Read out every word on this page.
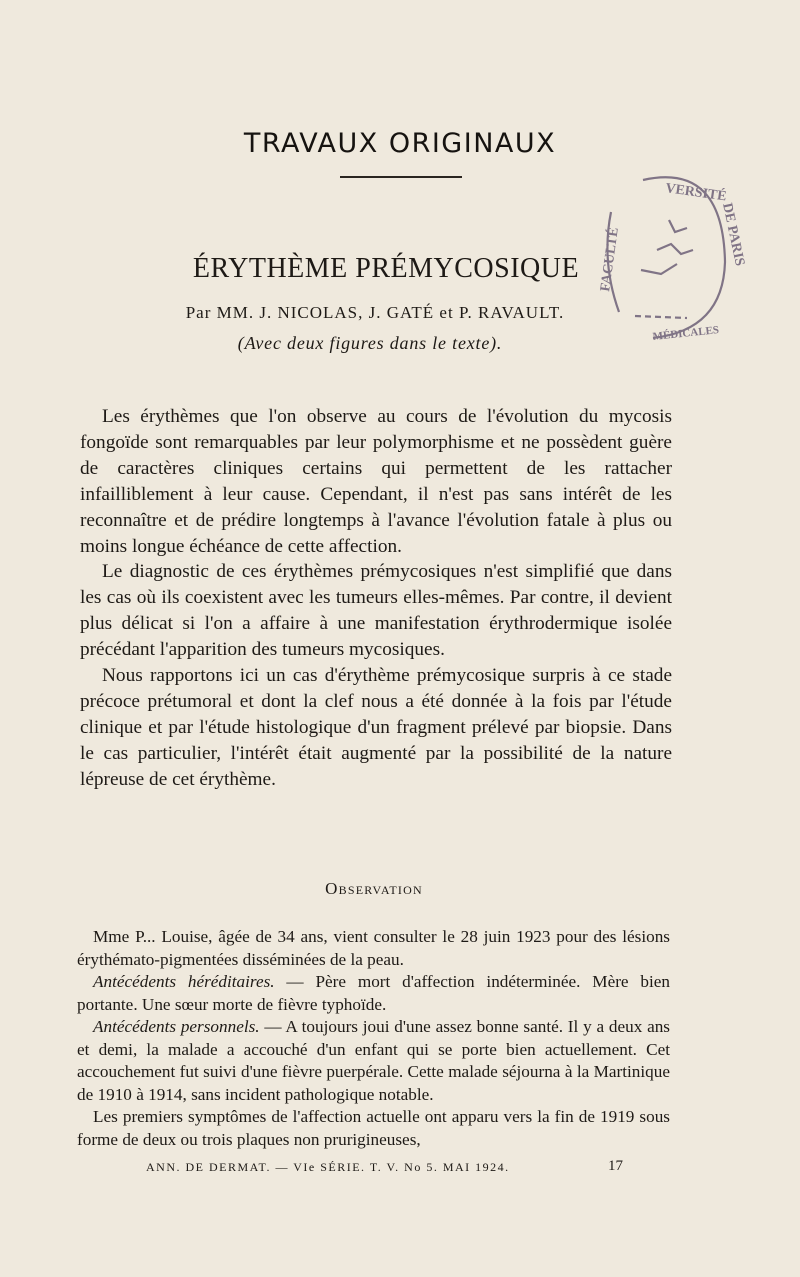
TRAVAUX ORIGINAUX
VERSITÉ
DE PARIS
FACULTÉ
MÉDICALES
ÉRYTHÈME PRÉMYCOSIQUE
Par MM. J. NICOLAS, J. GATÉ et P. RAVAULT.
(Avec deux figures dans le texte).

Les érythèmes que l'on observe au cours de l'évolution du mycosis fongoïde sont remarquables par leur polymorphisme et ne possèdent guère de caractères cliniques certains qui permettent de les rattacher infailliblement à leur cause. Cependant, il n'est pas sans intérêt de les reconnaître et de prédire longtemps à l'avance l'évolution fatale à plus ou moins longue échéance de cette affection.

Le diagnostic de ces érythèmes prémycosiques n'est simplifié que dans les cas où ils coexistent avec les tumeurs elles-mêmes. Par contre, il devient plus délicat si l'on a affaire à une manifestation érythrodermique isolée précédant l'apparition des tumeurs mycosiques.

Nous rapportons ici un cas d'érythème prémycosique surpris à ce stade précoce prétumoral et dont la clef nous a été donnée à la fois par l'étude clinique et par l'étude histologique d'un fragment prélevé par biopsie. Dans le cas particulier, l'intérêt était augmenté par la possibilité de la nature lépreuse de cet érythème.

Observation

Mme P... Louise, âgée de 34 ans, vient consulter le 28 juin 1923 pour des lésions érythémato-pigmentées disséminées de la peau.

Antécédents héréditaires. — Père mort d'affection indéterminée. Mère bien portante. Une sœur morte de fièvre typhoïde.

Antécédents personnels. — A toujours joui d'une assez bonne santé. Il y a deux ans et demi, la malade a accouché d'un enfant qui se porte bien actuellement. Cet accouchement fut suivi d'une fièvre puerpérale. Cette malade séjourna à la Martinique de 1910 à 1914, sans incident pathologique notable.

Les premiers symptômes de l'affection actuelle ont apparu vers la fin de 1919 sous forme de deux ou trois plaques non prurigineuses,

ANN. DE DERMAT. — VIe SÉRIE. T. V. No 5. MAI 1924.	17
